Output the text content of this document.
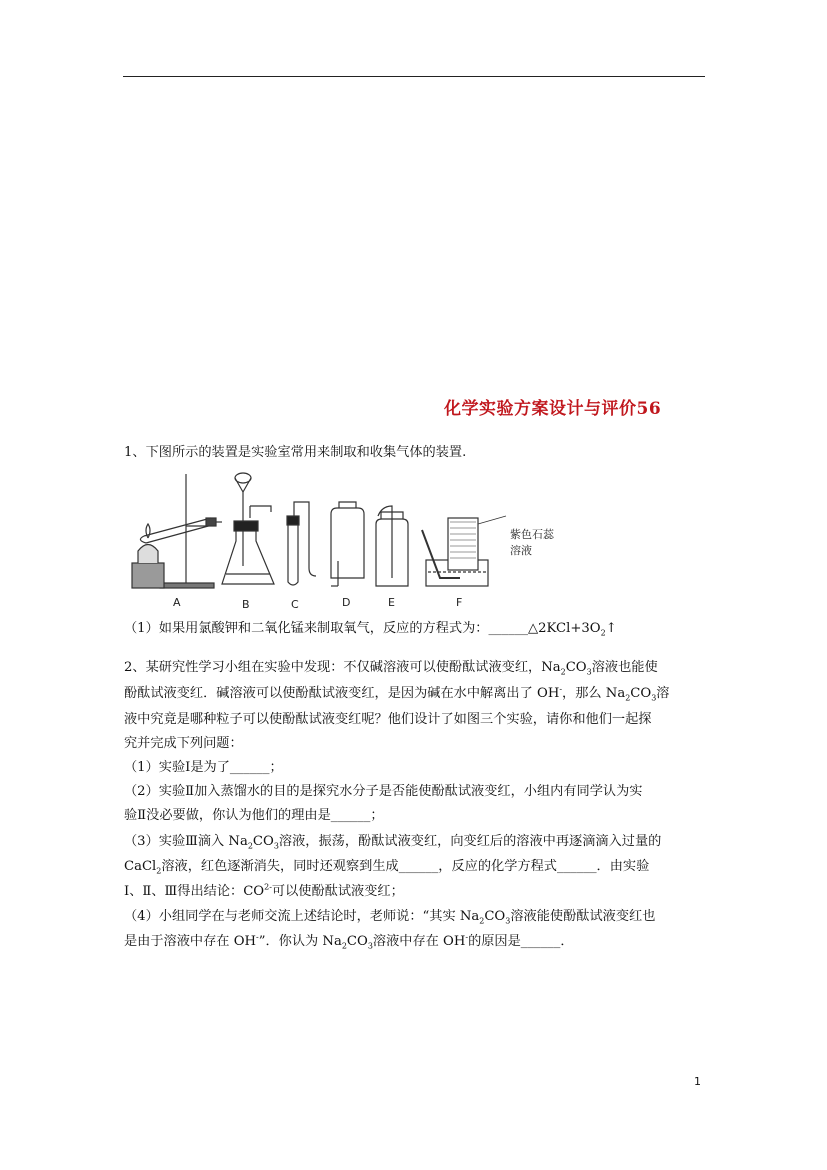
化学实验方案设计与评价56
1、下图所示的装置是实验室常用来制取和收集气体的装置.
A	B	C	D	E	F
紫色石蕊
溶液
（1）如果用氯酸钾和二氧化锰来制取氧气，反应的方程式为：$\_\_\_\_\_\_\triangle 2KCl+3O_2↑$
2、某研究性学习小组在实验中发现：不仅碱溶液可以使酚酞试液变红，$Na_2CO_3$溶液也能使
酚酞试液变红．碱溶液可以使酚酞试液变红，是因为碱在水中解离出了 OH-，那么 $Na_2CO_3$溶
液中究竟是哪种粒子可以使酚酞试液变红呢？他们设计了如图三个实验，请你和他们一起探
究并完成下列问题：
（1）实验Ⅰ是为了______；
（2）实验Ⅱ加入蒸馏水的目的是探究水分子是否能使酚酞试液变红，小组内有同学认为实
验Ⅱ没必要做，你认为他们的理由是______；
（3）实验Ⅲ滴入 $Na_2CO_3$溶液，振荡，酚酞试液变红，向变红后的溶液中再逐滴滴入过量的
CaCl$_2$溶液，红色逐渐消失，同时还观察到生成______，反应的化学方程式______．由实验
Ⅰ、Ⅱ、Ⅲ得出结论：$CO^{2-}$可以使酚酞试液变红；
（4）小组同学在与老师交流上述结论时，老师说：“其实 $Na_2CO_3$溶液能使酚酞试液变红也
是由于溶液中存在 OH-”．你认为 $Na_2CO_3$溶液中存在 OH-的原因是______．
1
